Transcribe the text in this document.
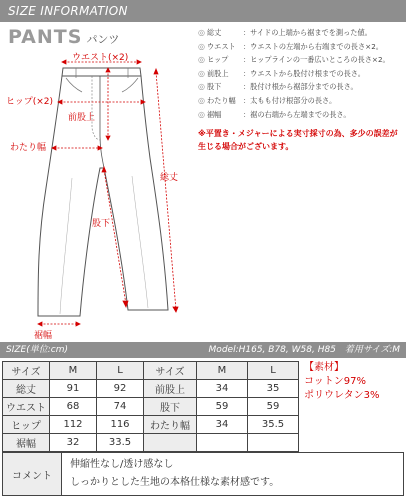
SIZE INFORMATION
PANTS パンツ
ウエスト(×2)
ヒップ(×2)
前股上
わたり幅
総丈
股下
裾幅
◎ 総丈	：サイドの上端から裾までを測った値。
◎ ウエスト	：ウエストの左端から右端までの長さ×2。
◎ ヒップ	：ヒップラインの一番広いところの長さ×2。
◎ 前股上	：ウエストから股付け根までの長さ。
◎ 股下	：股付け根から裾部分までの長さ。
◎ わたり幅	：太もも付け根部分の長さ。
◎ 裾幅	：裾の右端から左端までの長さ。
※平置き・メジャーによる実寸採寸の為、多少の誤差が生じる場合がございます。
SIZE(単位:cm)	Model:H165, B78, W58, H85　着用サイズ:M
サイズ	M	L	サイズ	M	L
総丈	91	92	前股上	34	35
ウエスト	68	74	股下	59	59
ヒップ	112	116	わたり幅	34	35.5
裾幅	32	33.5			
【素材】
コットン97%
ポリウレタン3%
コメント
伸縮性なし/透け感なし
しっかりとした生地の本格仕様な素材感です。
